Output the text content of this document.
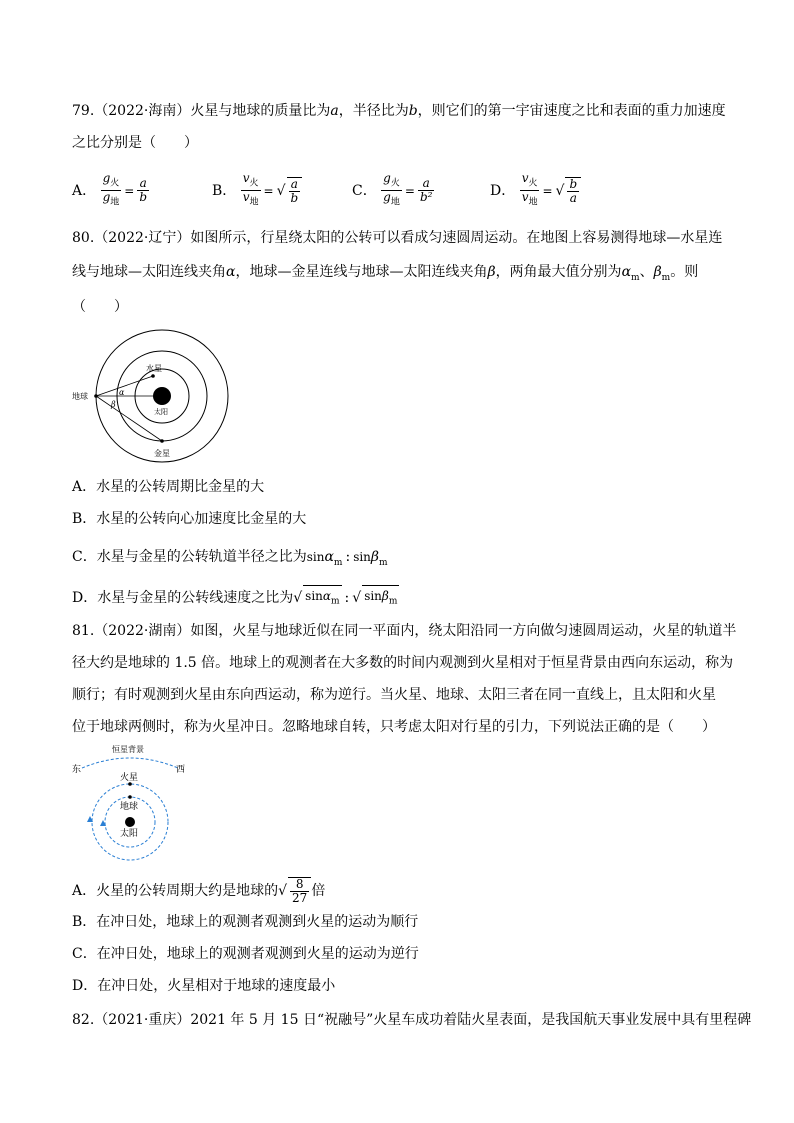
79.（2022·海南）火星与地球的质量比为a，半径比为b，则它们的第一宇宙速度之比和表面的重力加速度
之比分别是（　　）
A． $\frac{g_火}{g_地} = \frac{a}{b}$	B． $\frac{v_火}{v_地}$ = √ $\frac{a}{b}$	C． $\frac{g_火}{g_地} = \frac{a}{\text{b²}}$	D． $\frac{v_火}{v_地}$ = √ $\frac{b}{a}$
80.（2022·辽宁）如图所示，行星绕太阳的公转可以看成匀速圆周运动。在地图上容易测得地球—水星连
线与地球—太阳连线夹角α，地球—金星连线与地球—太阳连线夹角β，两角最大值分别为$\alpha_m$、$\beta_m$。则
（　　）
水星
金星
地球
太阳
α
β
A．水星的公转周期比金星的大
B．水星的公转向心加速度比金星的大
C．水星与金星的公转轨道半径之比为sinα$_m$ : sinβ$_m$
D．水星与金星的公转线速度之比为√ sinα$_m$ : √ sinβ$_m$
81.（2022·湖南）如图，火星与地球近似在同一平面内，绕太阳沿同一方向做匀速圆周运动，火星的轨道半
径大约是地球的 1.5 倍。地球上的观测者在大多数的时间内观测到火星相对于恒星背景由西向东运动，称为
顺行；有时观测到火星由东向西运动，称为逆行。当火星、地球、太阳三者在同一直线上，且太阳和火星
位于地球两侧时，称为火星冲日。忽略地球自转，只考虑太阳对行星的引力，下列说法正确的是（　　）
恒星背景
东	西
火星
地球
太阳
A．火星的公转周期大约是地球的√ $\frac{8}{27}$ 倍
B．在冲日处，地球上的观测者观测到火星的运动为顺行
C．在冲日处，地球上的观测者观测到火星的运动为逆行
D．在冲日处，火星相对于地球的速度最小
82.（2021·重庆）2021 年 5 月 15 日“祝融号”火星车成功着陆火星表面，是我国航天事业发展中具有里程碑
